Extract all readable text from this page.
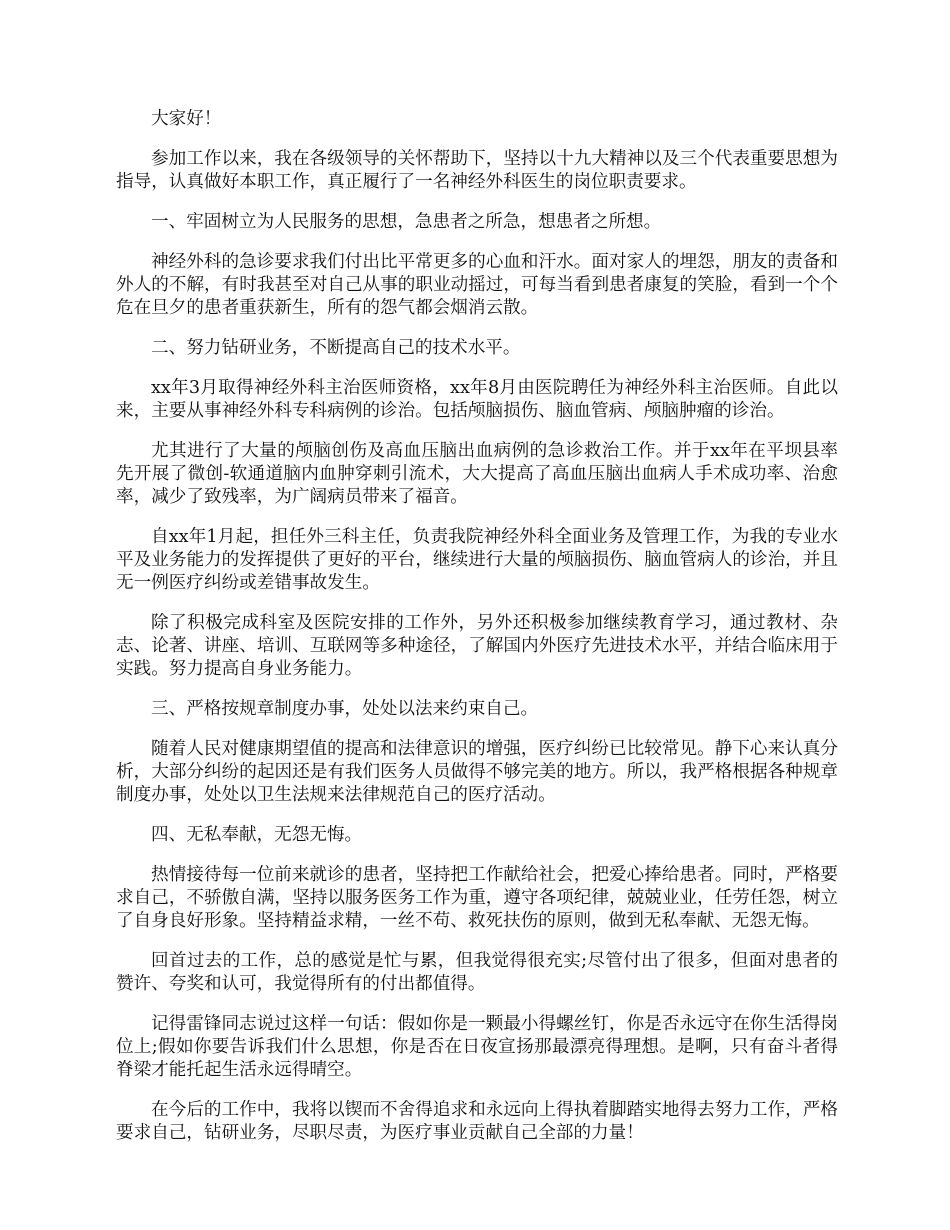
大家好！

参加工作以来，我在各级领导的关怀帮助下，坚持以十九大精神以及三个代表重要思想为指导，认真做好本职工作，真正履行了一名神经外科医生的岗位职责要求。

一、牢固树立为人民服务的思想，急患者之所急，想患者之所想。

神经外科的急诊要求我们付出比平常更多的心血和汗水。面对家人的埋怨，朋友的责备和外人的不解，有时我甚至对自己从事的职业动摇过，可每当看到患者康复的笑脸，看到一个个危在旦夕的患者重获新生，所有的怨气都会烟消云散。

二、努力钻研业务，不断提高自己的技术水平。

xx年3月取得神经外科主治医师资格，xx年8月由医院聘任为神经外科主治医师。自此以来，主要从事神经外科专科病例的诊治。包括颅脑损伤、脑血管病、颅脑肿瘤的诊治。

尤其进行了大量的颅脑创伤及高血压脑出血病例的急诊救治工作。并于xx年在平坝县率先开展了微创-软通道脑内血肿穿刺引流术，大大提高了高血压脑出血病人手术成功率、治愈率，减少了致残率，为广阔病员带来了福音。

自xx年1月起，担任外三科主任，负责我院神经外科全面业务及管理工作，为我的专业水平及业务能力的发挥提供了更好的平台，继续进行大量的颅脑损伤、脑血管病人的诊治，并且无一例医疗纠纷或差错事故发生。

除了积极完成科室及医院安排的工作外，另外还积极参加继续教育学习，通过教材、杂志、论著、讲座、培训、互联网等多种途径，了解国内外医疗先进技术水平，并结合临床用于实践。努力提高自身业务能力。

三、严格按规章制度办事，处处以法来约束自己。

随着人民对健康期望值的提高和法律意识的增强，医疗纠纷已比较常见。静下心来认真分析，大部分纠纷的起因还是有我们医务人员做得不够完美的地方。所以，我严格根据各种规章制度办事，处处以卫生法规来法律规范自己的医疗活动。

四、无私奉献，无怨无悔。

热情接待每一位前来就诊的患者，坚持把工作献给社会，把爱心捧给患者。同时，严格要求自己，不骄傲自满，坚持以服务医务工作为重，遵守各项纪律，兢兢业业，任劳任怨，树立了自身良好形象。坚持精益求精，一丝不苟、救死扶伤的原则，做到无私奉献、无怨无悔。

回首过去的工作，总的感觉是忙与累，但我觉得很充实;尽管付出了很多，但面对患者的赞许、夸奖和认可，我觉得所有的付出都值得。

记得雷锋同志说过这样一句话：假如你是一颗最小得螺丝钉，你是否永远守在你生活得岗位上;假如你要告诉我们什么思想，你是否在日夜宣扬那最漂亮得理想。是啊，只有奋斗者得脊梁才能托起生活永远得晴空。

在今后的工作中，我将以锲而不舍得追求和永远向上得执着脚踏实地得去努力工作，严格要求自己，钻研业务，尽职尽责，为医疗事业贡献自己全部的力量！
